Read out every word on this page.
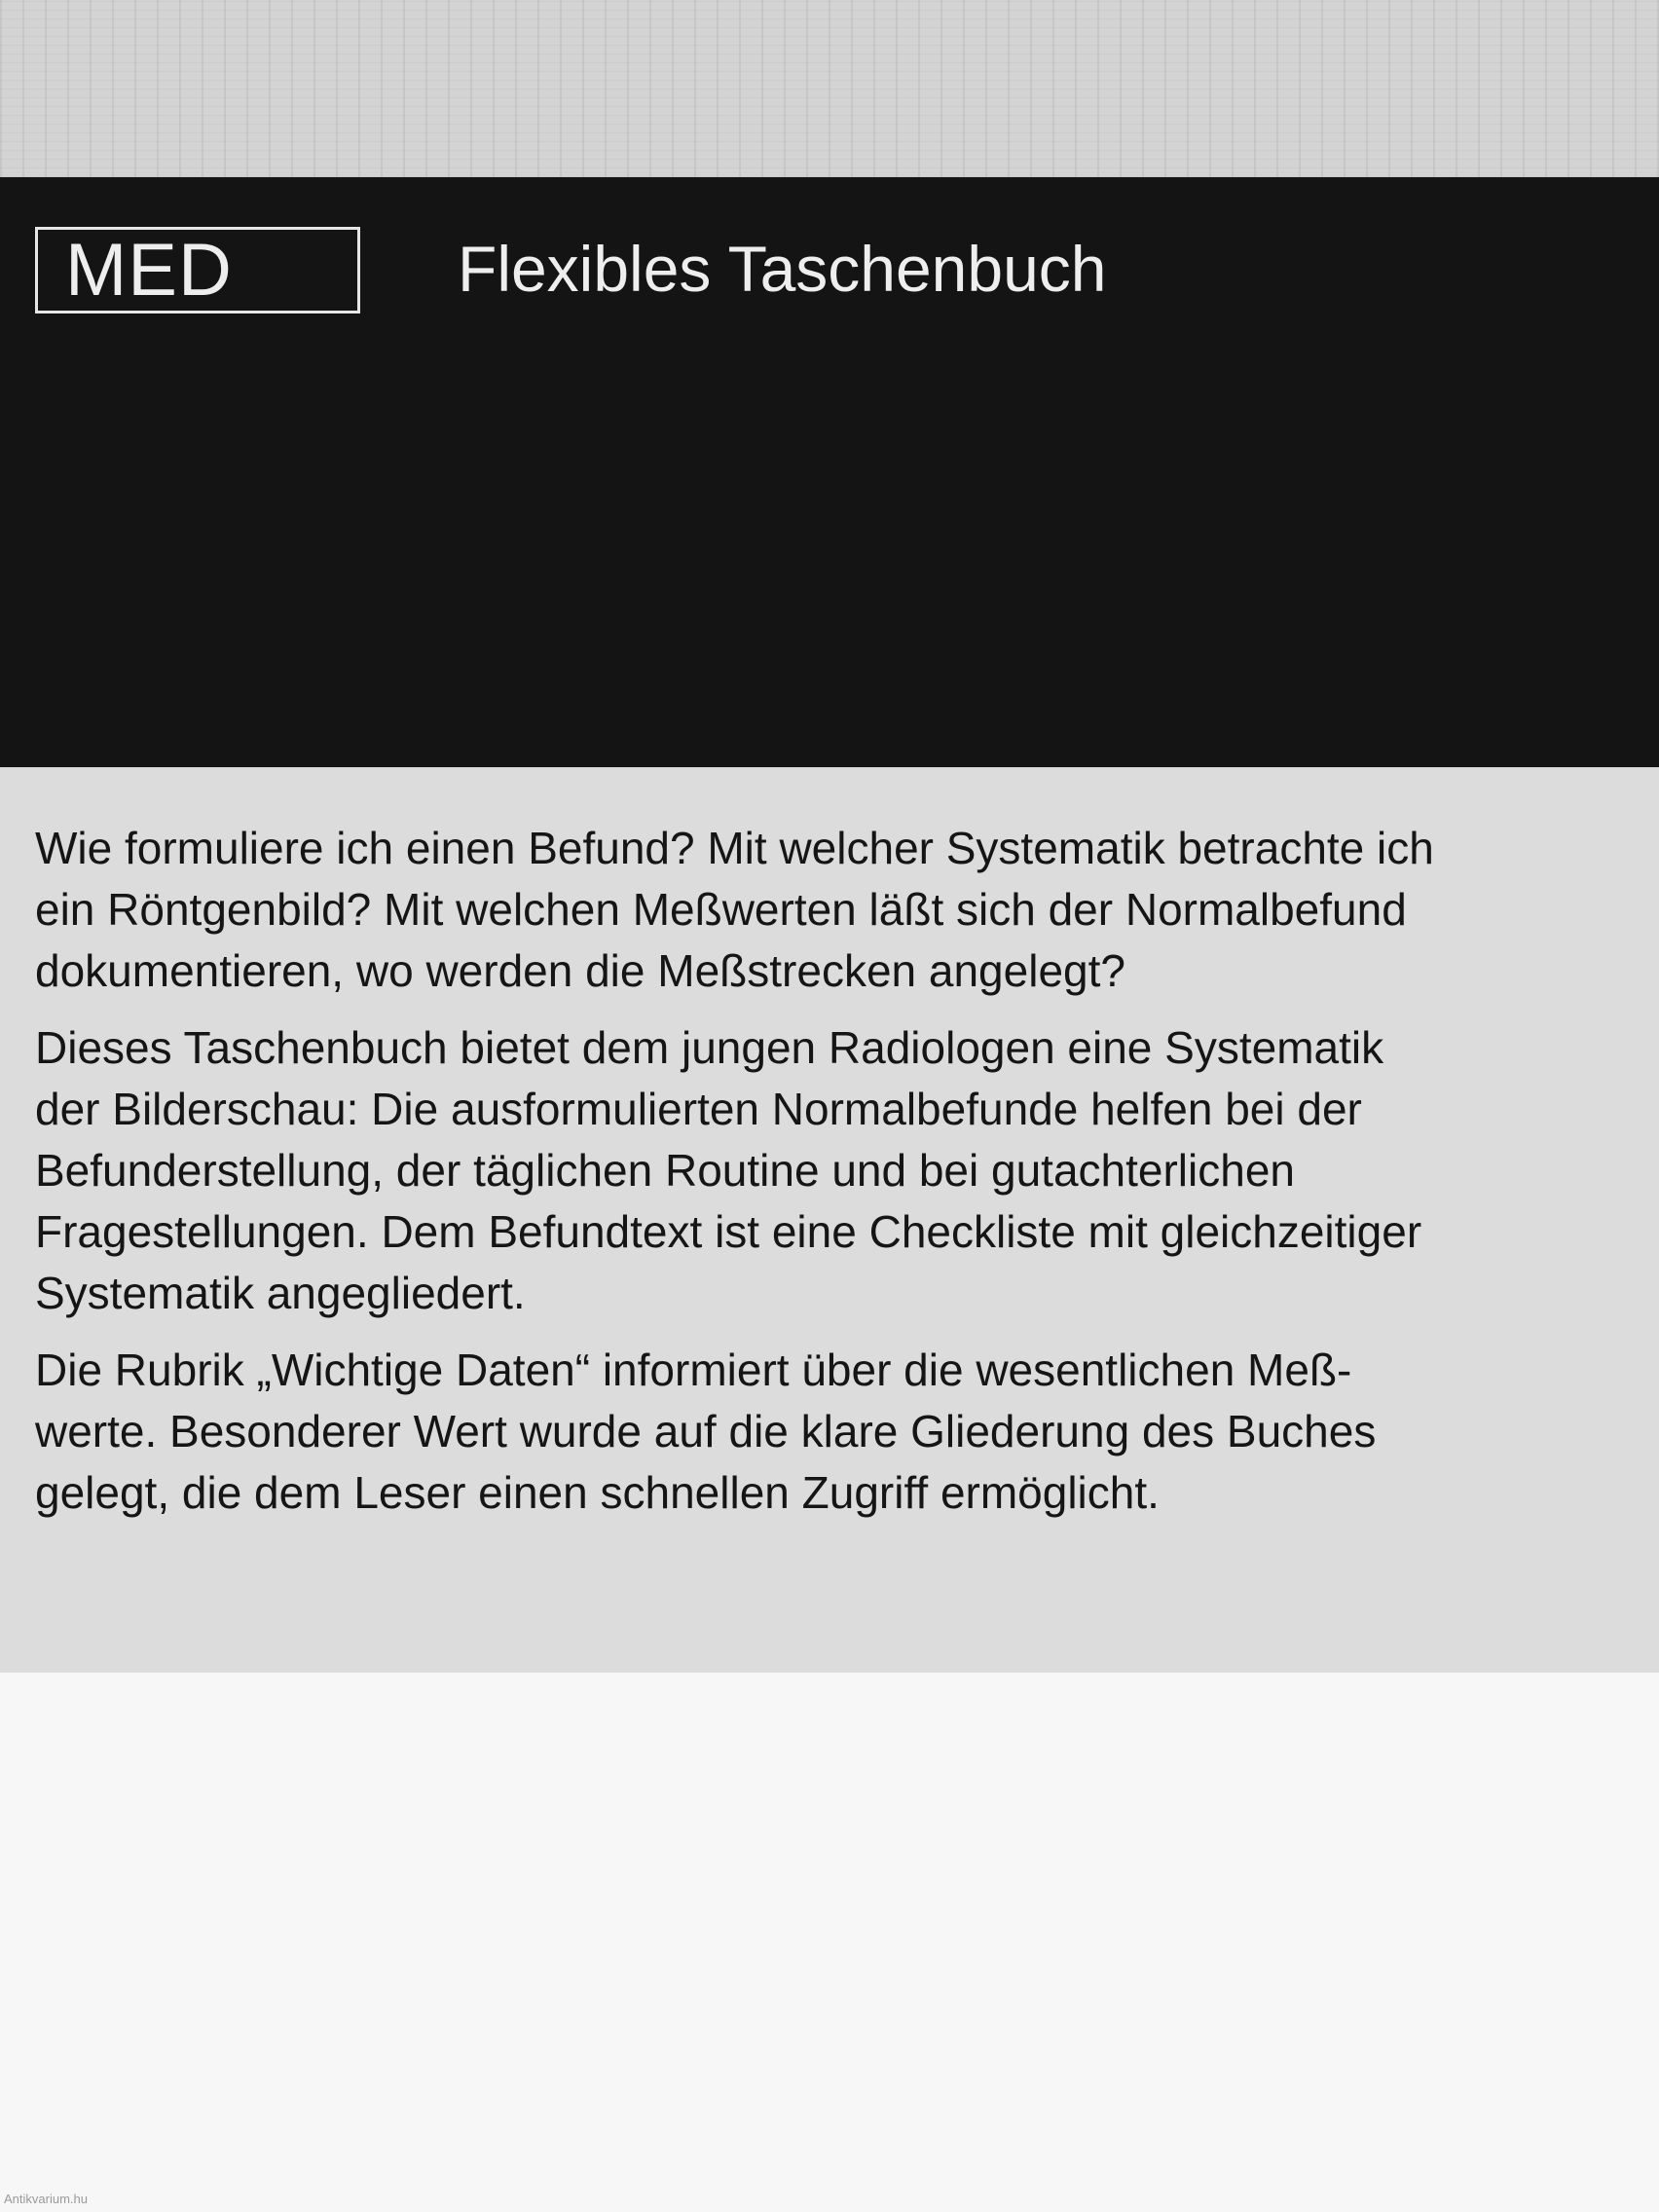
MED	Flexibles Taschenbuch

Wie formuliere ich einen Befund? Mit welcher Systematik betrachte ich
ein Röntgenbild? Mit welchen Meßwerten läßt sich der Normalbefund
dokumentieren, wo werden die Meßstrecken angelegt?

Dieses Taschenbuch bietet dem jungen Radiologen eine Systematik
der Bilderschau: Die ausformulierten Normalbefunde helfen bei der
Befunderstellung, der täglichen Routine und bei gutachterlichen
Fragestellungen. Dem Befundtext ist eine Checkliste mit gleichzeitiger
Systematik angegliedert.

Die Rubrik „Wichtige Daten“ informiert über die wesentlichen Meß-
werte. Besonderer Wert wurde auf die klare Gliederung des Buches
gelegt, die dem Leser einen schnellen Zugriff ermöglicht.

Antikvarium.hu
